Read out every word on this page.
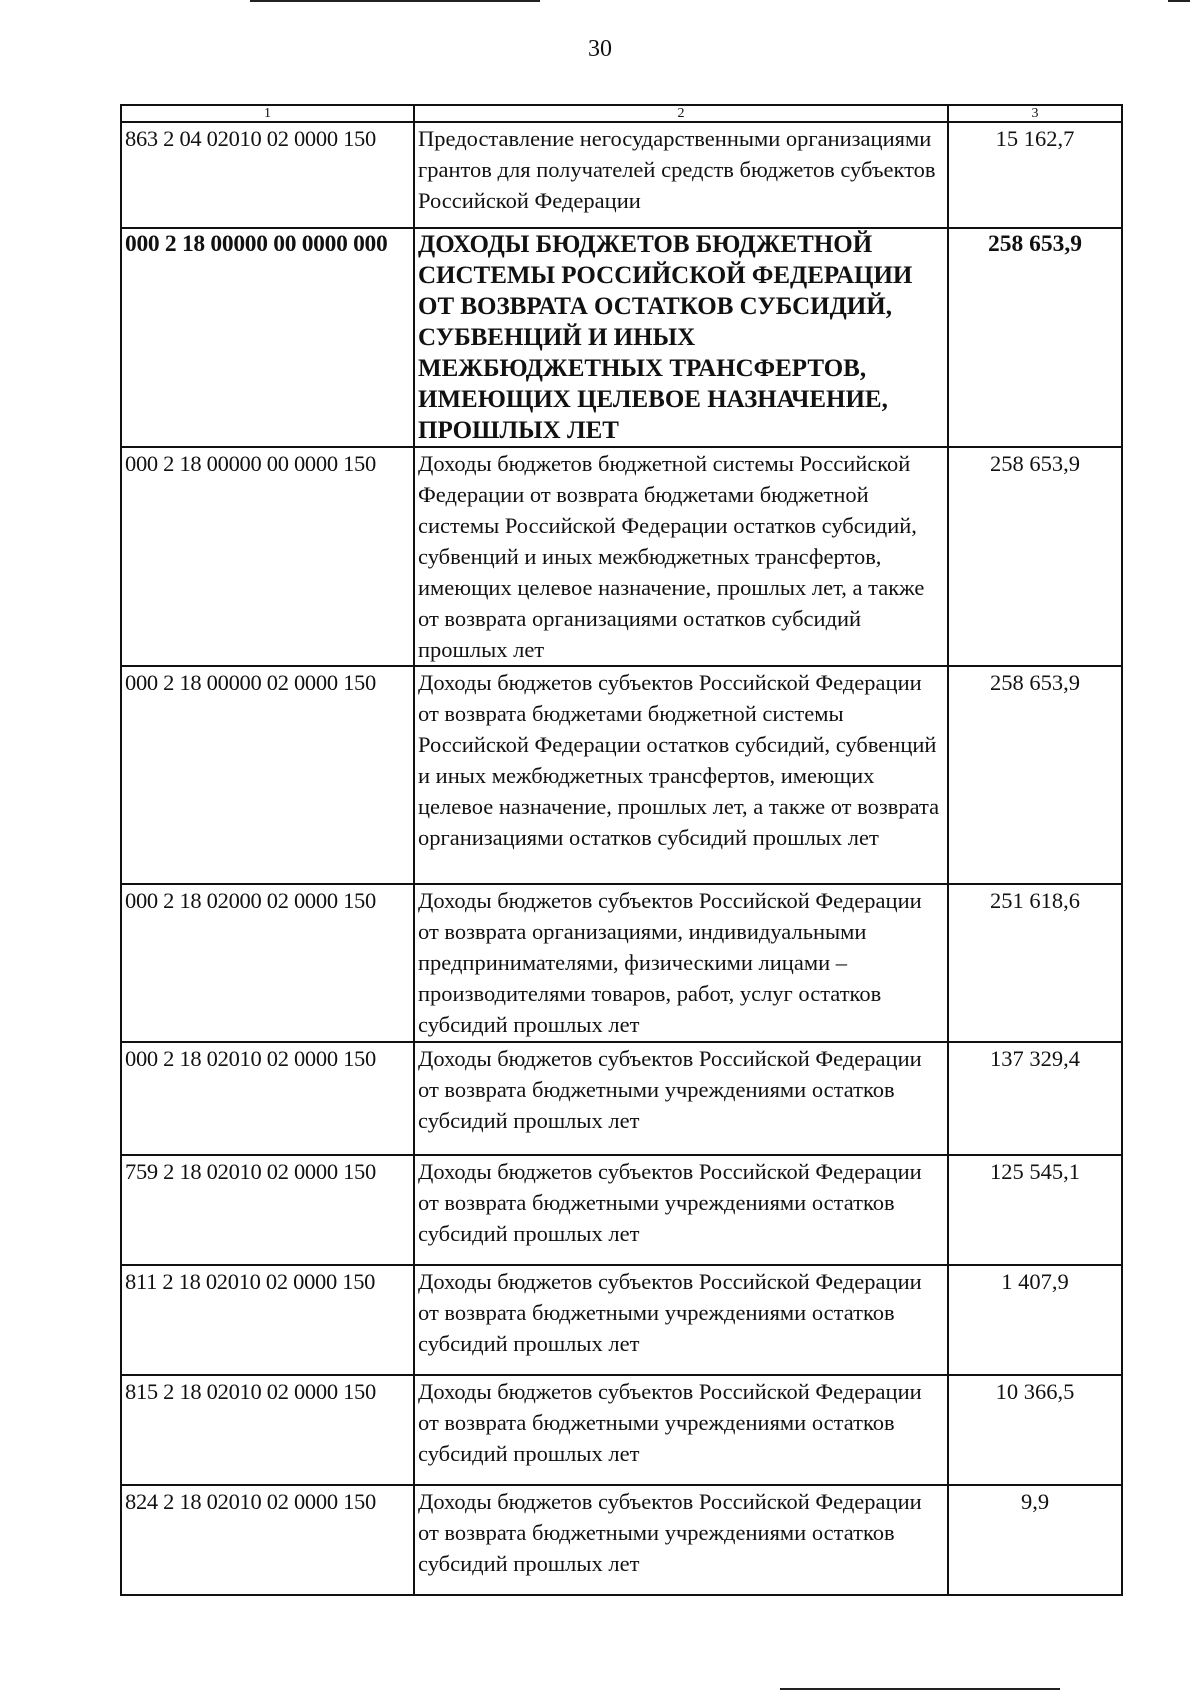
30
1	2	3
863 2 04 02010 02 0000 150	Предоставление негосударственными организациями грантов для получателей средств бюджетов субъектов Российской Федерации	15 162,7
000 2 18 00000 00 0000 000	ДОХОДЫ БЮДЖЕТОВ БЮДЖЕТНОЙ СИСТЕМЫ РОССИЙСКОЙ ФЕДЕРАЦИИ ОТ ВОЗВРАТА ОСТАТКОВ СУБСИДИЙ, СУБВЕНЦИЙ И ИНЫХ МЕЖБЮДЖЕТНЫХ ТРАНСФЕРТОВ, ИМЕЮЩИХ ЦЕЛЕВОЕ НАЗНАЧЕНИЕ, ПРОШЛЫХ ЛЕТ	258 653,9
000 2 18 00000 00 0000 150	Доходы бюджетов бюджетной системы Российской Федерации от возврата бюджетами бюджетной системы Российской Федерации остатков субсидий, субвенций и иных межбюджетных трансфертов, имеющих целевое назначение, прошлых лет, а также от возврата организациями остатков субсидий прошлых лет	258 653,9
000 2 18 00000 02 0000 150	Доходы бюджетов субъектов Российской Федерации от возврата бюджетами бюджетной системы Российской Федерации остатков субсидий, субвенций и иных межбюджетных трансфертов, имеющих целевое назначение, прошлых лет, а также от возврата организациями остатков субсидий прошлых лет	258 653,9
000 2 18 02000 02 0000 150	Доходы бюджетов субъектов Российской Федерации от возврата организациями, индивидуальными предпринимателями, физическими лицами – производителями товаров, работ, услуг остатков субсидий прошлых лет	251 618,6
000 2 18 02010 02 0000 150	Доходы бюджетов субъектов Российской Федерации от возврата бюджетными учреждениями остатков субсидий прошлых лет	137 329,4
759 2 18 02010 02 0000 150	Доходы бюджетов субъектов Российской Федерации от возврата бюджетными учреждениями остатков субсидий прошлых лет	125 545,1
811 2 18 02010 02 0000 150	Доходы бюджетов субъектов Российской Федерации от возврата бюджетными учреждениями остатков субсидий прошлых лет	1 407,9
815 2 18 02010 02 0000 150	Доходы бюджетов субъектов Российской Федерации от возврата бюджетными учреждениями остатков субсидий прошлых лет	10 366,5
824 2 18 02010 02 0000 150	Доходы бюджетов субъектов Российской Федерации от возврата бюджетными учреждениями остатков субсидий прошлых лет	9,9
